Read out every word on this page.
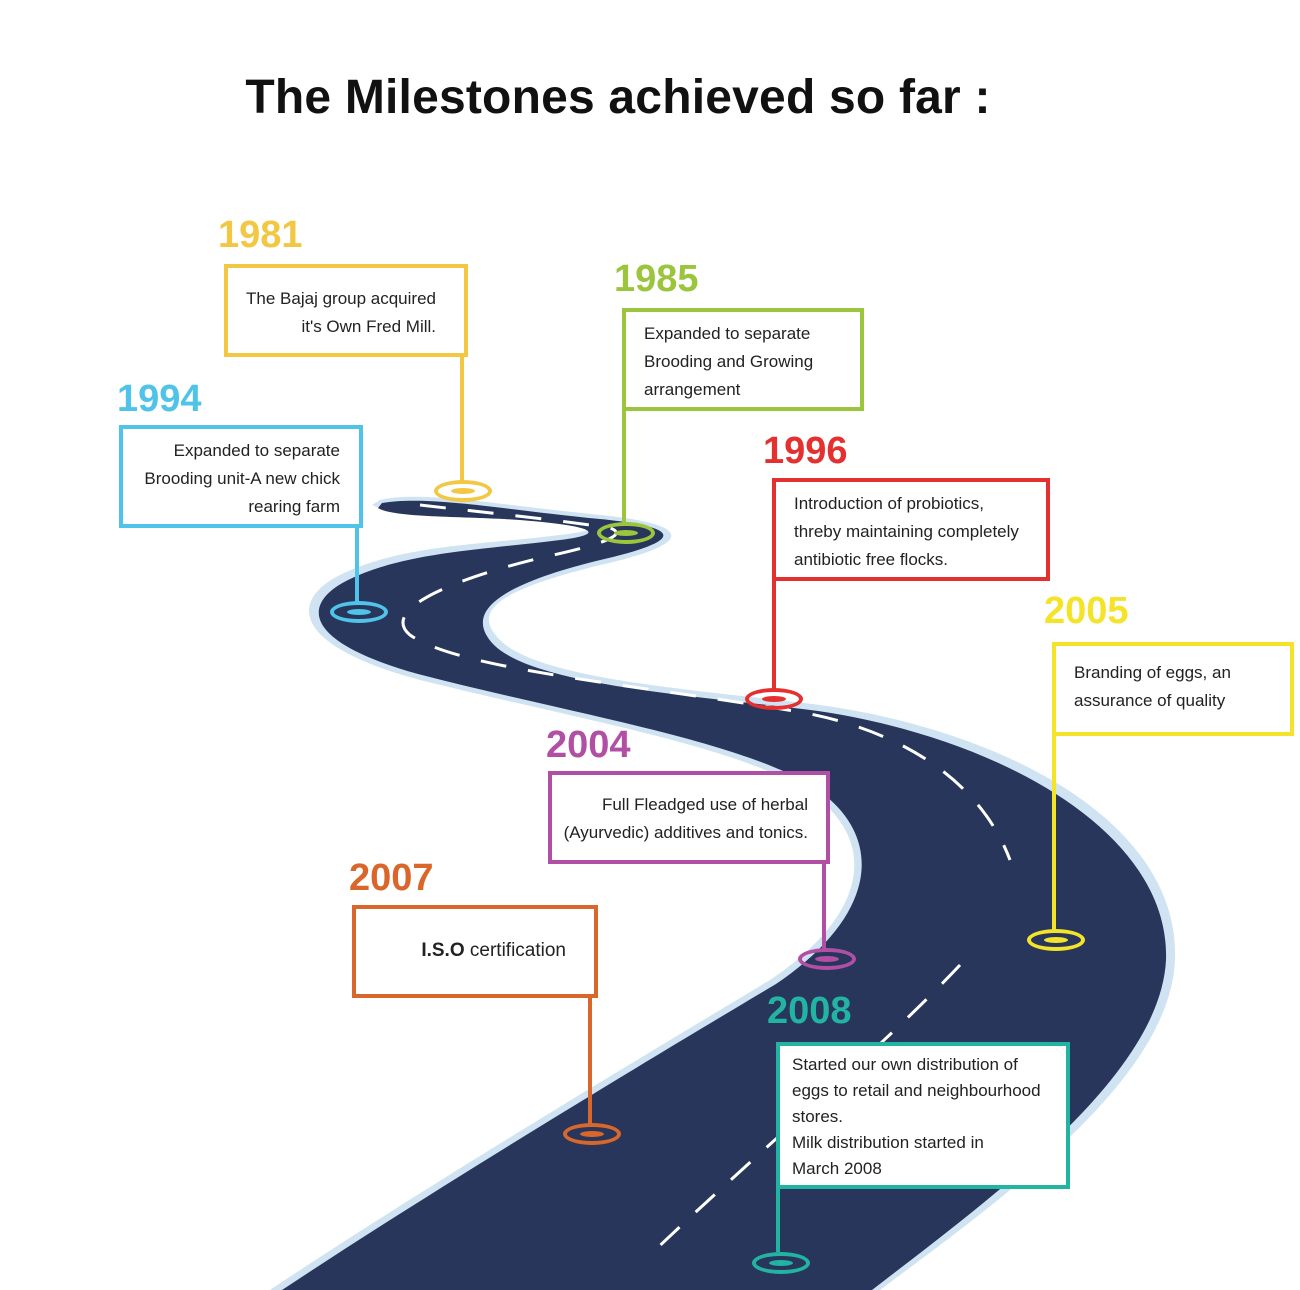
The Milestones achieved so far :
1981
The Bajaj group acquired
it's Own Fred Mill.
1985
Expanded to separate
Brooding and Growing
arrangement
1994
Expanded to separate
Brooding unit-A new chick
rearing farm
1996
Introduction of probiotics,
threby maintaining completely
antibiotic free flocks.
2005
Branding of eggs, an
assurance of quality
2004
Full Fleadged use of herbal
(Ayurvedic) additives and tonics.
2007
I.S.O certification
2008
Started our own distribution of
eggs to retail and neighbourhood
stores.
Milk distribution started in
March 2008
